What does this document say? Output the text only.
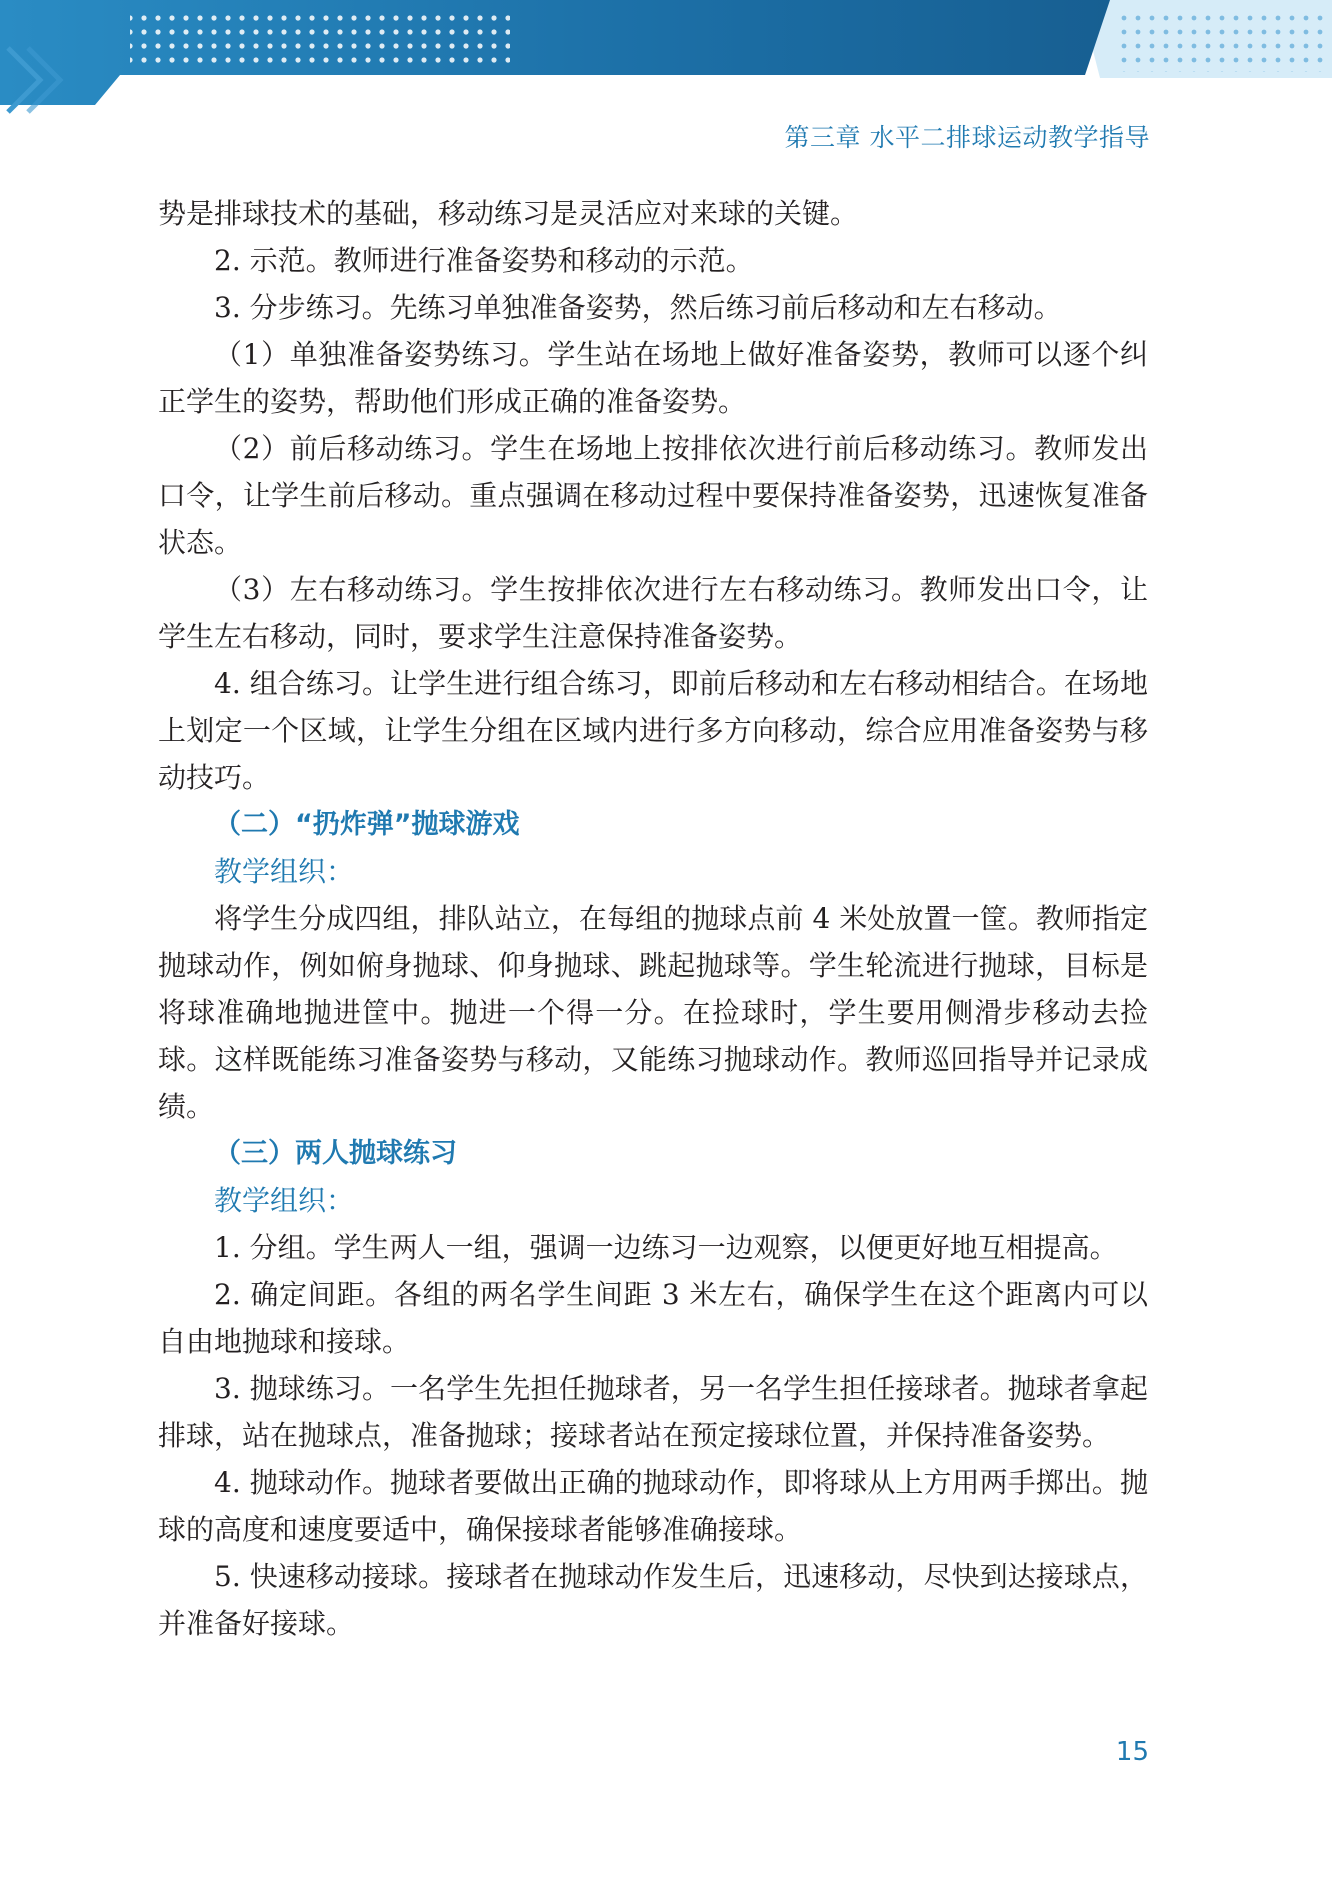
第三章 水平二排球运动教学指导

势是排球技术的基础，移动练习是灵活应对来球的关键。

2. 示范。教师进行准备姿势和移动的示范。

3. 分步练习。先练习单独准备姿势，然后练习前后移动和左右移动。

（1）单独准备姿势练习。学生站在场地上做好准备姿势，教师可以逐个纠正学生的姿势，帮助他们形成正确的准备姿势。

（2）前后移动练习。学生在场地上按排依次进行前后移动练习。教师发出口令，让学生前后移动。重点强调在移动过程中要保持准备姿势，迅速恢复准备状态。

（3）左右移动练习。学生按排依次进行左右移动练习。教师发出口令，让学生左右移动，同时，要求学生注意保持准备姿势。

4. 组合练习。让学生进行组合练习，即前后移动和左右移动相结合。在场地上划定一个区域，让学生分组在区域内进行多方向移动，综合应用准备姿势与移动技巧。

（二）“扔炸弹”抛球游戏

教学组织：

将学生分成四组，排队站立，在每组的抛球点前 4 米处放置一筐。教师指定抛球动作，例如俯身抛球、仰身抛球、跳起抛球等。学生轮流进行抛球，目标是将球准确地抛进筐中。抛进一个得一分。在捡球时，学生要用侧滑步移动去捡球。这样既能练习准备姿势与移动，又能练习抛球动作。教师巡回指导并记录成绩。

（三）两人抛球练习

教学组织：

1. 分组。学生两人一组，强调一边练习一边观察，以便更好地互相提高。

2. 确定间距。各组的两名学生间距 3 米左右，确保学生在这个距离内可以自由地抛球和接球。

3. 抛球练习。一名学生先担任抛球者，另一名学生担任接球者。抛球者拿起排球，站在抛球点，准备抛球；接球者站在预定接球位置，并保持准备姿势。

4. 抛球动作。抛球者要做出正确的抛球动作，即将球从上方用两手掷出。抛球的高度和速度要适中，确保接球者能够准确接球。

5. 快速移动接球。接球者在抛球动作发生后，迅速移动，尽快到达接球点，并准备好接球。

15
